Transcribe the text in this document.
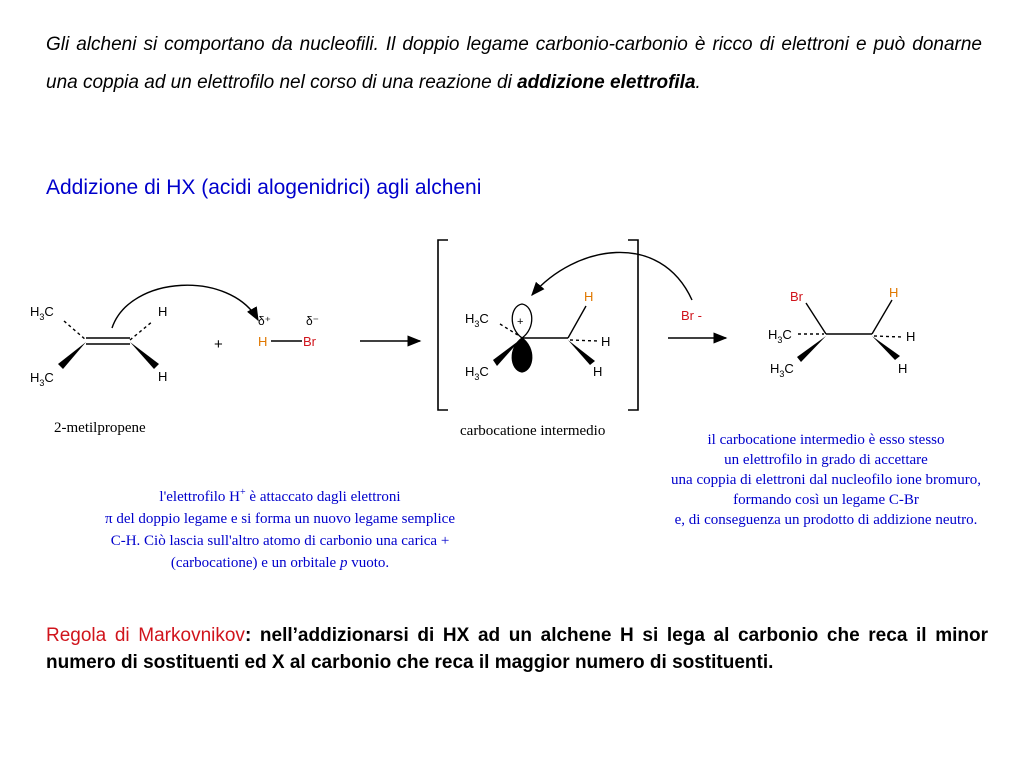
Gli alcheni si comportano da nucleofili. Il doppio legame carbonio-carbonio è ricco di elettroni e può donarne una coppia ad un elettrofilo nel corso di una reazione di addizione elettrofila.
Addizione di HX (acidi alogenidrici) agli alcheni
$H_3C$
$H_3C$
H
H
+
δ⁺	δ⁻
H	Br
+
$H_3C$
$H_3C$
H
H
H
Br -
Br	H
$H_3C$
$H_3C$
H
H
2-metilpropene	carbocatione intermedio
l'elettrofilo H+ è attaccato dagli elettroni
π del doppio legame e si forma un nuovo legame semplice
C-H. Ciò lascia sull'altro atomo di carbonio una carica +
(carbocatione) e un orbitale p vuoto.
il carbocatione intermedio è esso stesso
un elettrofilo in grado di accettare
una coppia di elettroni dal nucleofilo ione bromuro,
formando così un legame C-Br
e, di conseguenza un prodotto di addizione neutro.
Regola di Markovnikov: nell’addizionarsi di HX ad un alchene H si lega al carbonio che reca il minor numero di sostituenti ed X al carbonio che reca il maggior numero di sostituenti.
